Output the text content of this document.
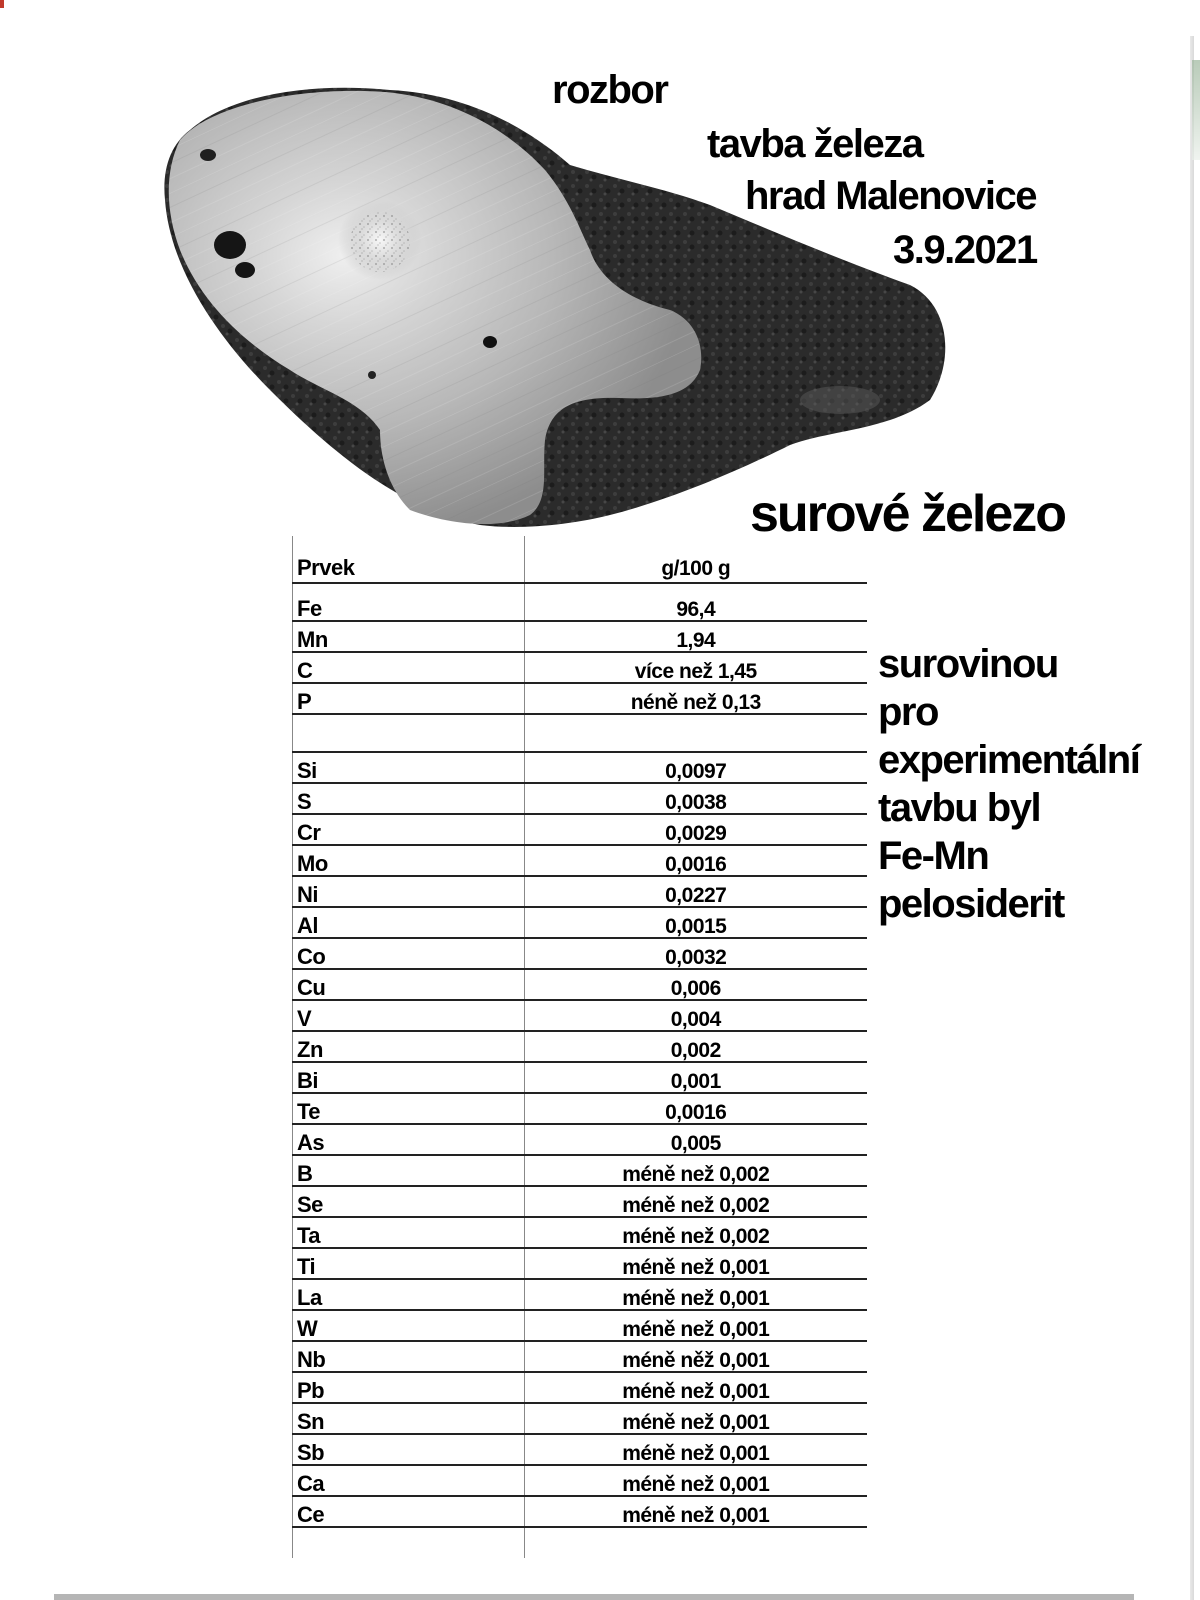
rozbor
tavba železa
hrad Malenovice
3.9.2021
surové železo
surovinou
pro
experimentální
tavbu byl
Fe-Mn
pelosiderit
Prvek	g/100 g
Fe	96,4
Mn	1,94
C	více než 1,45
P	néně než 0,13

Si	0,0097
S	0,0038
Cr	0,0029
Mo	0,0016
Ni	0,0227
Al	0,0015
Co	0,0032
Cu	0,006
V	0,004
Zn	0,002
Bi	0,001
Te	0,0016
As	0,005
B	méně než 0,002
Se	méně než 0,002
Ta	méně než 0,002
Ti	méně než 0,001
La	méně než 0,001
W	méně než 0,001
Nb	méně něž 0,001
Pb	méně než 0,001
Sn	méně než 0,001
Sb	méně než 0,001
Ca	méně než 0,001
Ce	méně než 0,001
